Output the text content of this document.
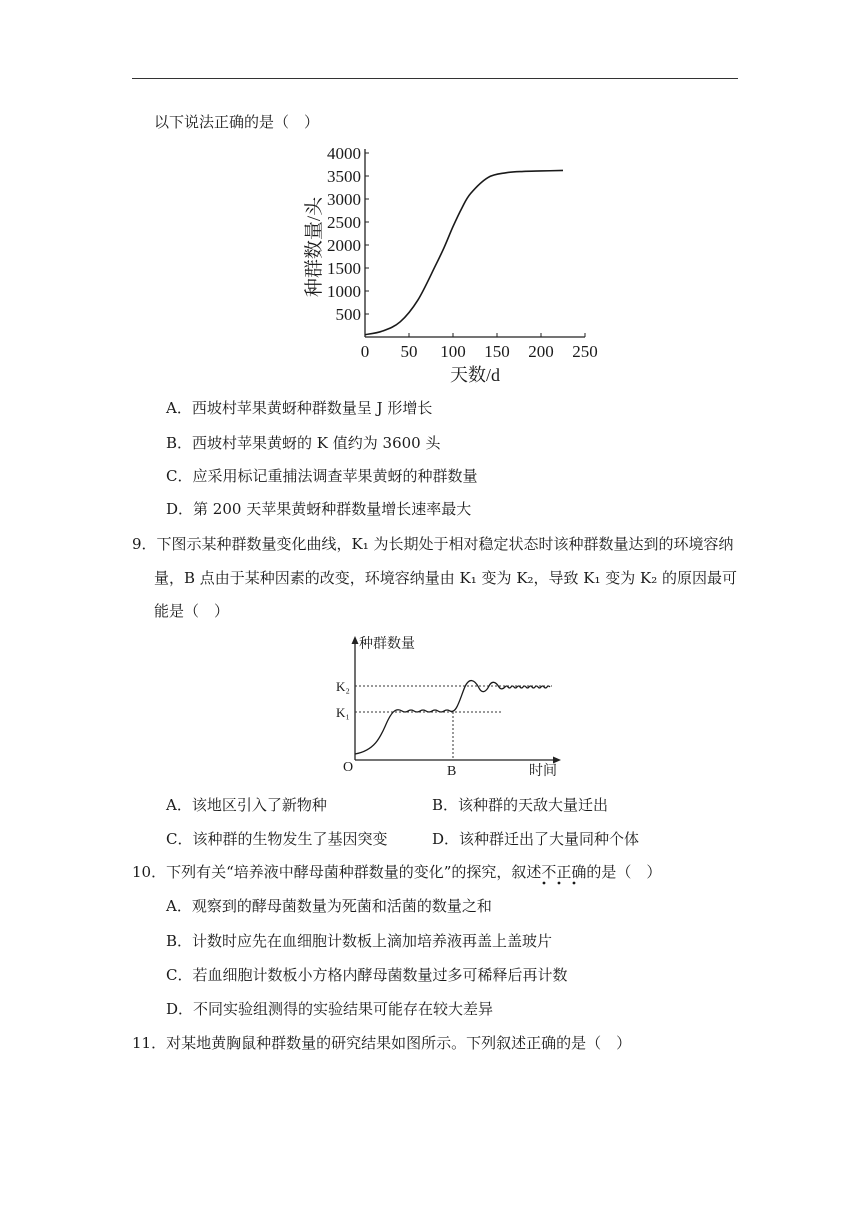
以下说法正确的是（　）
0 50 100 150 200 250
500
1000
1500
2000
2500
3000
3500
4000
种群数量/头
天数/d
A．西坡村苹果黄蚜种群数量呈 J 形增长
B．西坡村苹果黄蚜的 K 值约为 3600 头
C．应采用标记重捕法调查苹果黄蚜的种群数量
D．第 200 天苹果黄蚜种群数量增长速率最大
9．下图示某种群数量变化曲线，K₁ 为长期处于相对稳定状态时该种群数量达到的环境容纳
量，B 点由于某种因素的改变，环境容纳量由 K₁ 变为 K₂，导致 K₁ 变为 K₂ 的原因最可
能是（　）
种群数量
时间
O
K₂
K₁
B
A．该地区引入了新物种	B．该种群的天敌大量迁出
C．该种群的生物发生了基因突变	D．该种群迁出了大量同种个体
10．下列有关“培养液中酵母菌种群数量的变化”的探究，叙述不正确的是（　）
A．观察到的酵母菌数量为死菌和活菌的数量之和
B．计数时应先在血细胞计数板上滴加培养液再盖上盖玻片
C．若血细胞计数板小方格内酵母菌数量过多可稀释后再计数
D．不同实验组测得的实验结果可能存在较大差异
11．对某地黄胸鼠种群数量的研究结果如图所示。下列叙述正确的是（　）
